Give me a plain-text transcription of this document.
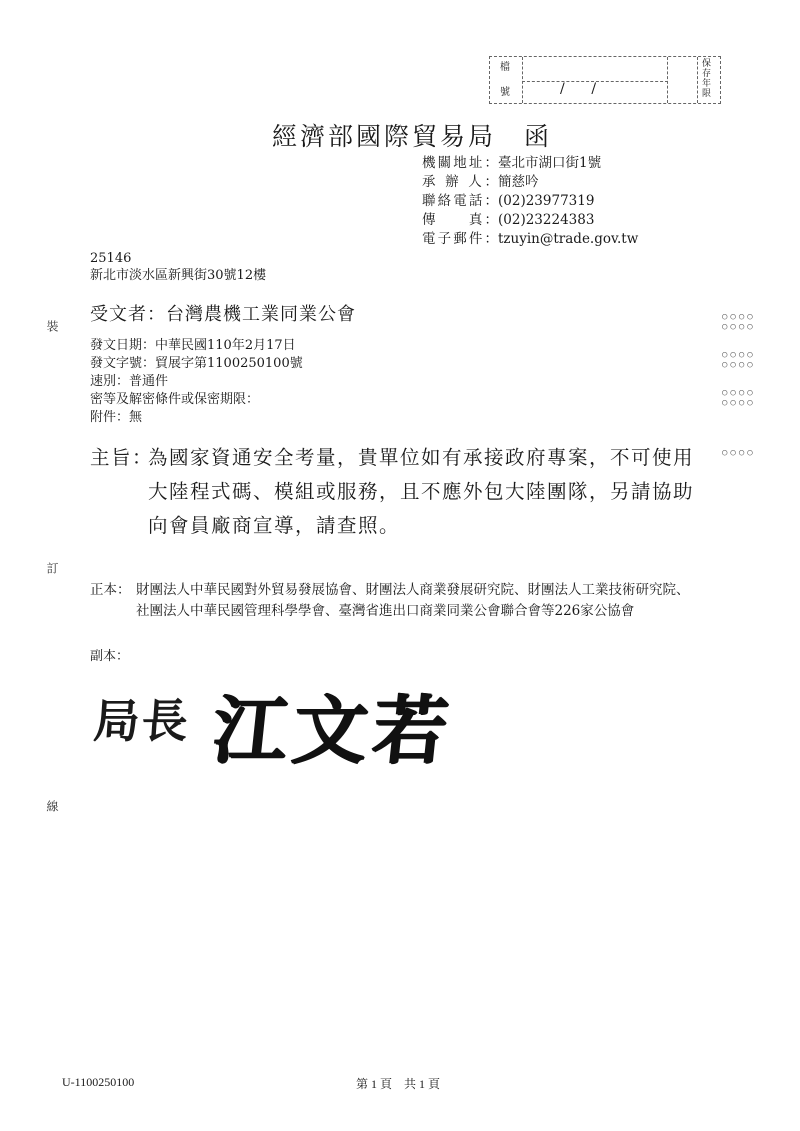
檔
號	/      /
保存年限
裝
訂
線
經濟部國際貿易局　函
機關地址：臺北市湖口街1號
承 辦 人：簡慈吟
聯絡電話：(02)23977319
傳　　真：(02)23224383
電子郵件：tzuyin@trade.gov.tw
25146
新北市淡水區新興街30號12樓
受文者：台灣農機工業同業公會
發文日期：中華民國110年2月17日
發文字號：貿展字第1100250100號
速別：普通件
密等及解密條件或保密期限：
附件：無
主旨：
為國家資通安全考量，貴單位如有承接政府專案，不可使用大陸程式碼、模組或服務，且不應外包大陸團隊，另請協助向會員廠商宣導，請查照。
正本： 財團法人中華民國對外貿易發展協會、財團法人商業發展研究院、財團法人工業技術研究院、社團法人中華民國管理科學學會、臺灣省進出口商業同業公會聯合會等226家公協會
副本：
局長 江文若
○○○○
○○○○
○○○○
○○○○
○○○○
○○○○
○○○○
U-1100250100	第 1 頁　共 1 頁
